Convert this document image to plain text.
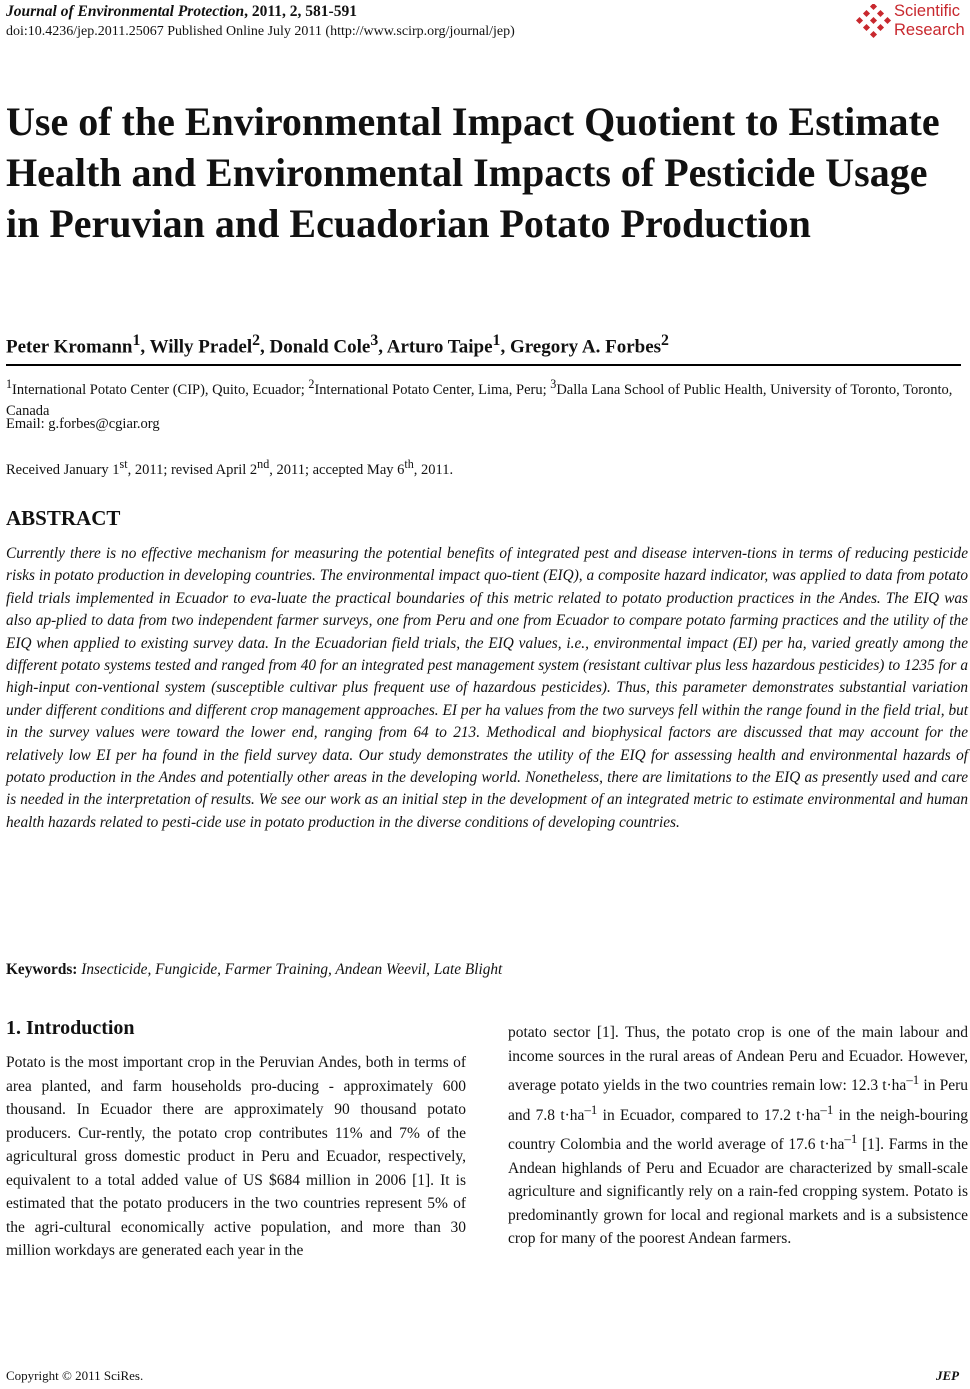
Journal of Environmental Protection, 2011, 2, 581-591
doi:10.4236/jep.2011.25067 Published Online July 2011 (http://www.scirp.org/journal/jep)
Scientific
Research
Use of the Environmental Impact Quotient to Estimate Health and Environmental Impacts of Pesticide Usage in Peruvian and Ecuadorian Potato Production
Peter Kromann$^1$, Willy Pradel$^2$, Donald Cole$^3$, Arturo Taipe$^1$, Gregory A. Forbes$^2$
$^1$International Potato Center (CIP), Quito, Ecuador; $^2$International Potato Center, Lima, Peru; $^3$Dalla Lana School of Public Health, University of Toronto, Toronto, Canada
Email: g.forbes@cgiar.org
Received January 1st, 2011; revised April 2nd, 2011; accepted May 6th, 2011.
ABSTRACT
Currently there is no effective mechanism for measuring the potential benefits of integrated pest and disease interven-tions in terms of reducing pesticide risks in potato production in developing countries. The environmental impact quo-tient (EIQ), a composite hazard indicator, was applied to data from potato field trials implemented in Ecuador to eva-luate the practical boundaries of this metric related to potato production practices in the Andes. The EIQ was also ap-plied to data from two independent farmer surveys, one from Peru and one from Ecuador to compare potato farming practices and the utility of the EIQ when applied to existing survey data. In the Ecuadorian field trials, the EIQ values, i.e., environmental impact (EI) per ha, varied greatly among the different potato systems tested and ranged from 40 for an integrated pest management system (resistant cultivar plus less hazardous pesticides) to 1235 for a high-input con-ventional system (susceptible cultivar plus frequent use of hazardous pesticides). Thus, this parameter demonstrates substantial variation under different conditions and different crop management approaches. EI per ha values from the two surveys fell within the range found in the field trial, but in the survey values were toward the lower end, ranging from 64 to 213. Methodical and biophysical factors are discussed that may account for the relatively low EI per ha found in the field survey data. Our study demonstrates the utility of the EIQ for assessing health and environmental hazards of potato production in the Andes and potentially other areas in the developing world. Nonetheless, there are limitations to the EIQ as presently used and care is needed in the interpretation of results. We see our work as an initial step in the development of an integrated metric to estimate environmental and human health hazards related to pesti-cide use in potato production in the diverse conditions of developing countries.
Keywords: Insecticide, Fungicide, Farmer Training, Andean Weevil, Late Blight
1. Introduction
Potato is the most important crop in the Peruvian Andes, both in terms of area planted, and farm households pro-ducing - approximately 600 thousand. In Ecuador there are approximately 90 thousand potato producers. Cur-rently, the potato crop contributes 11% and 7% of the agricultural gross domestic product in Peru and Ecuador, respectively, equivalent to a total added value of US $684 million in 2006 [1]. It is estimated that the potato producers in the two countries represent 5% of the agri-cultural economically active population, and more than 30 million workdays are generated each year in the
potato sector [1]. Thus, the potato crop is one of the main labour and income sources in the rural areas of Andean Peru and Ecuador. However, average potato yields in the two countries remain low: 12.3 $t\cdot ha^{-1}$ in Peru and 7.8 $t\cdot ha^{-1}$ in Ecuador, compared to 17.2 $t\cdot ha^{-1}$ in the neigh-bouring country Colombia and the world average of 17.6 $t\cdot ha^{-1}$ [1]. Farms in the Andean highlands of Peru and Ecuador are characterized by small-scale agriculture and significantly rely on a rain-fed cropping system. Potato is predominantly grown for local and regional markets and is a subsistence crop for many of the poorest Andean farmers.
Copyright © 2011 SciRes.	JEP
